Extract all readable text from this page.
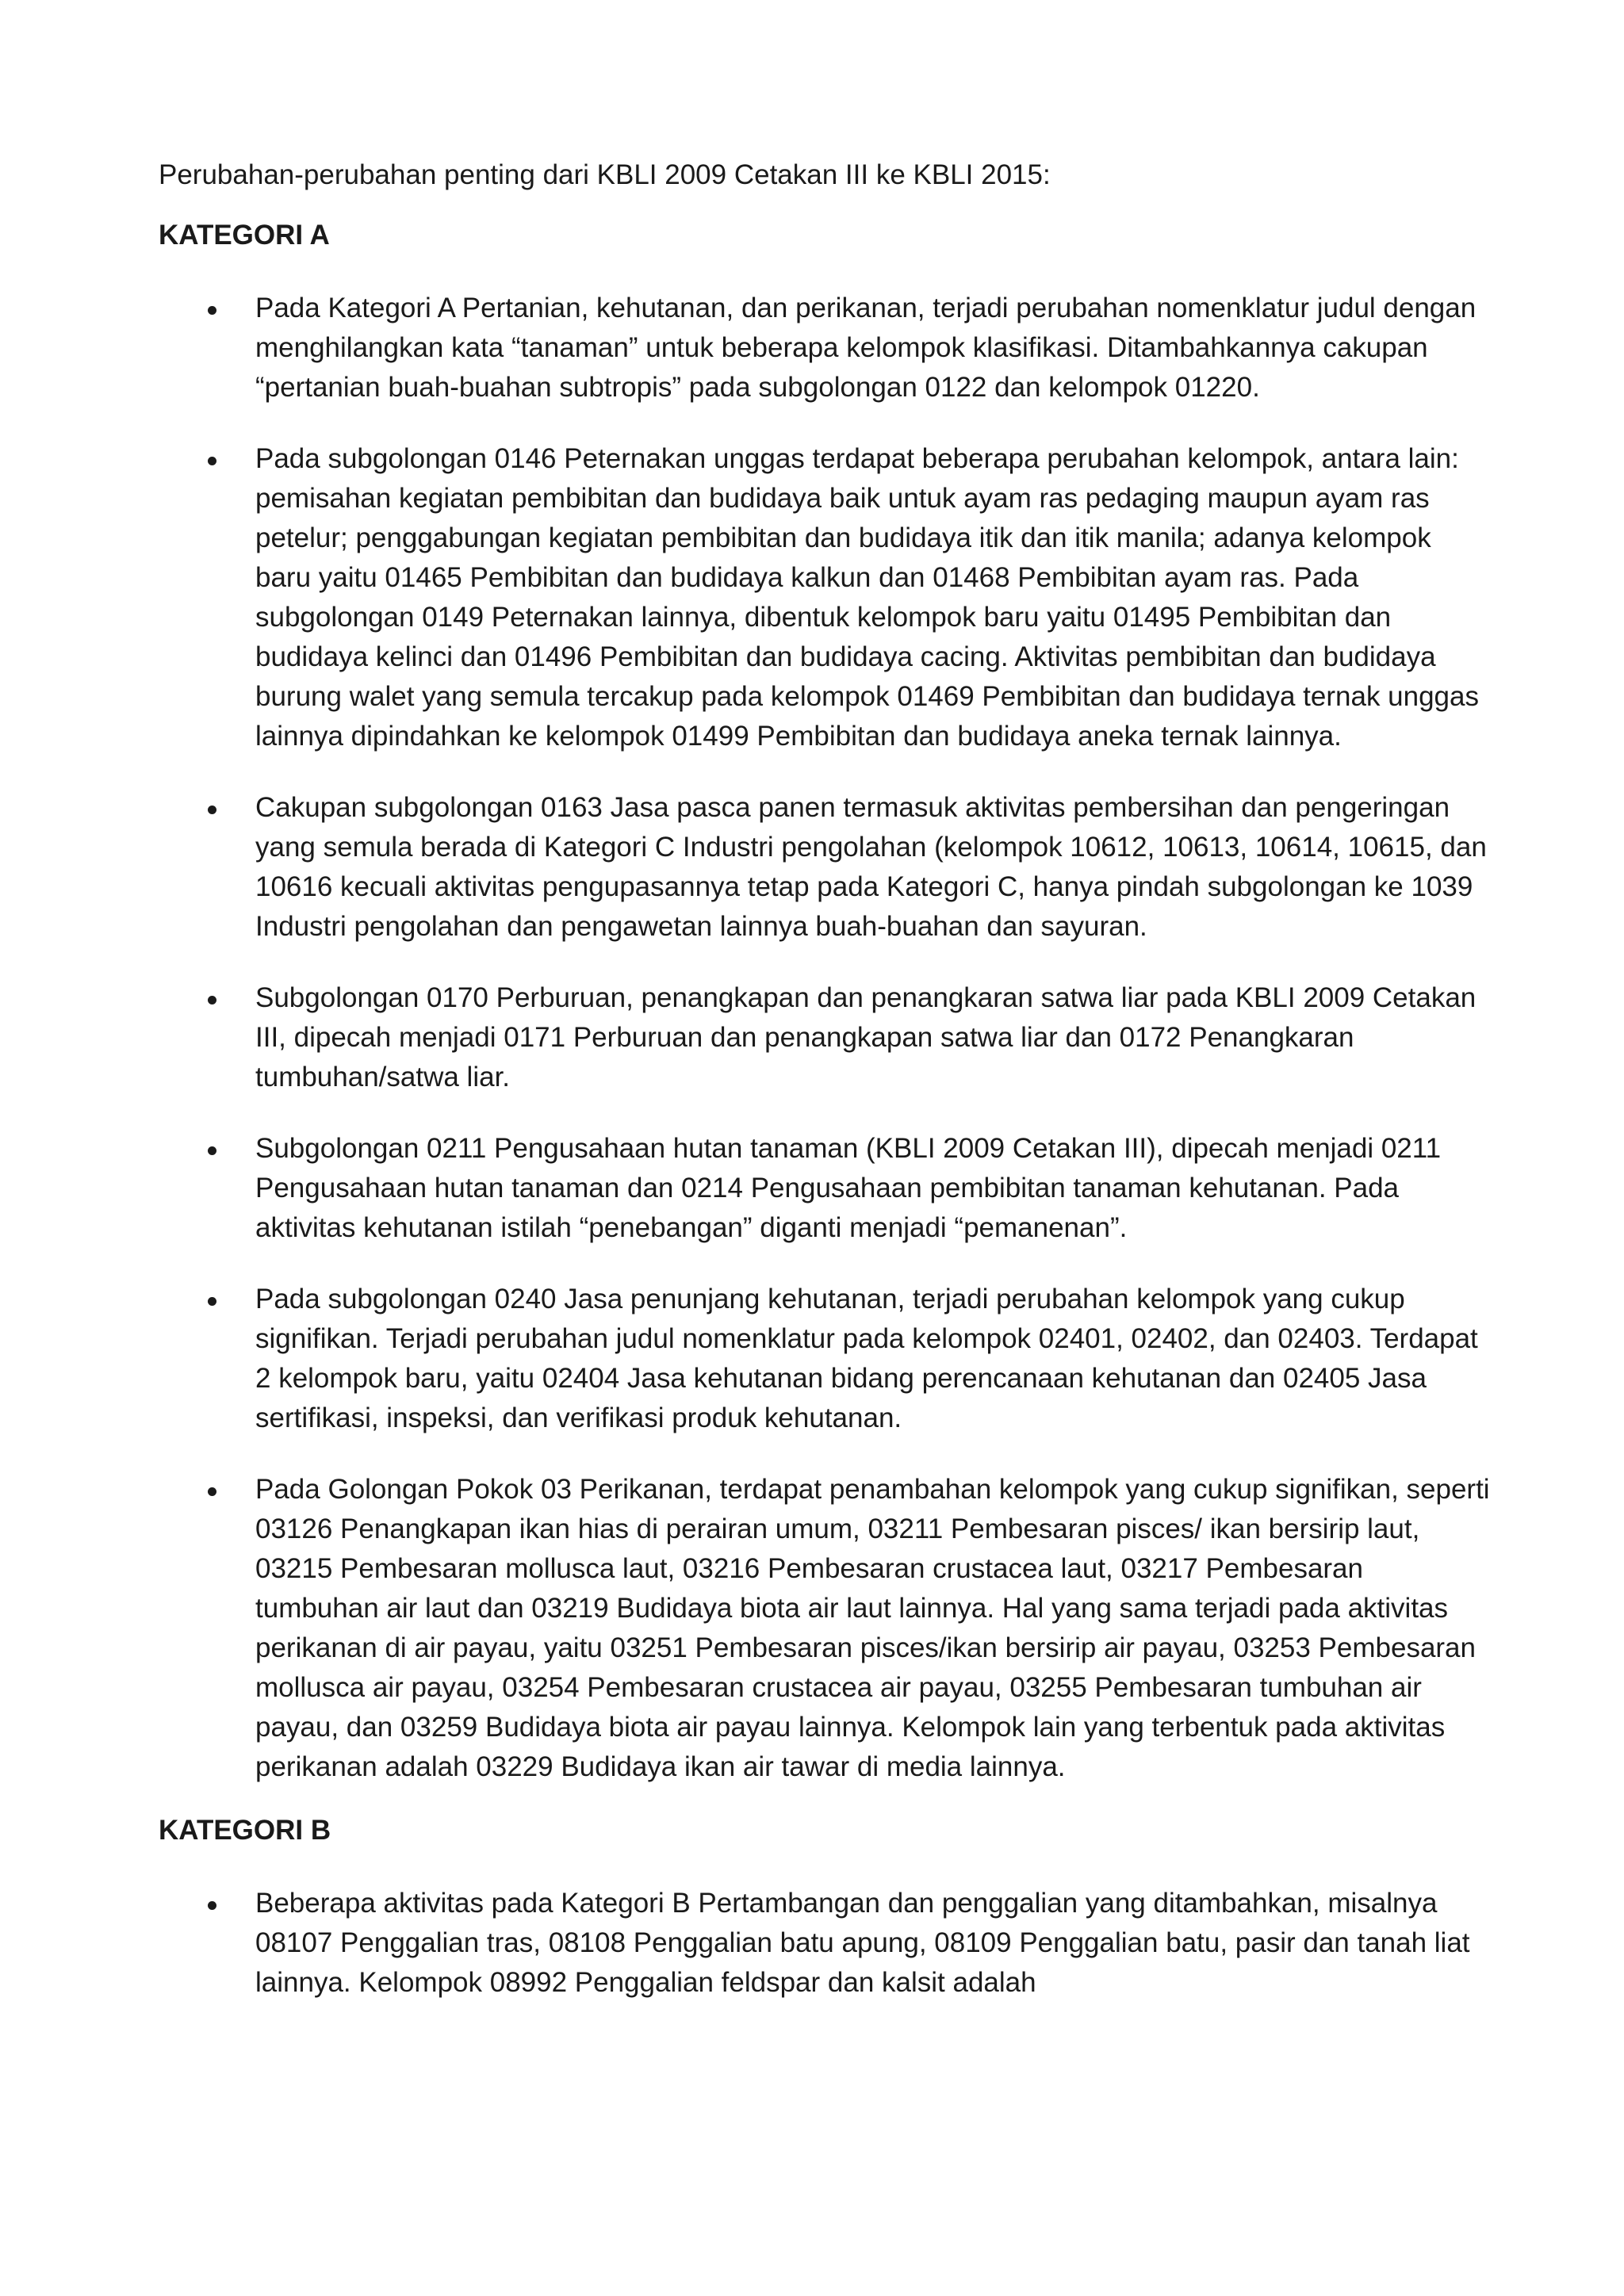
Perubahan-perubahan penting dari KBLI 2009 Cetakan III ke KBLI 2015:

KATEGORI A
Pada Kategori A Pertanian, kehutanan, dan perikanan, terjadi perubahan nomenklatur judul dengan menghilangkan kata “tanaman” untuk beberapa kelompok klasifikasi. Ditambahkannya cakupan “pertanian buah-buahan subtropis” pada subgolongan 0122 dan kelompok 01220.
Pada subgolongan 0146 Peternakan unggas terdapat beberapa perubahan kelompok, antara lain: pemisahan kegiatan pembibitan dan budidaya baik untuk ayam ras pedaging maupun ayam ras petelur; penggabungan kegiatan pembibitan dan budidaya itik dan itik manila; adanya kelompok baru yaitu 01465 Pembibitan dan budidaya kalkun dan 01468 Pembibitan ayam ras. Pada subgolongan 0149 Peternakan lainnya, dibentuk kelompok baru yaitu 01495 Pembibitan dan budidaya kelinci dan 01496 Pembibitan dan budidaya cacing. Aktivitas pembibitan dan budidaya burung walet yang semula tercakup pada kelompok 01469 Pembibitan dan budidaya ternak unggas lainnya dipindahkan ke kelompok 01499 Pembibitan dan budidaya aneka ternak lainnya.
Cakupan subgolongan 0163 Jasa pasca panen termasuk aktivitas pembersihan dan pengeringan yang semula berada di Kategori C Industri pengolahan (kelompok 10612, 10613, 10614, 10615, dan 10616 kecuali aktivitas pengupasannya tetap pada Kategori C, hanya pindah subgolongan ke 1039 Industri pengolahan dan pengawetan lainnya buah-buahan dan sayuran.
Subgolongan 0170 Perburuan, penangkapan dan penangkaran satwa liar pada KBLI 2009 Cetakan III, dipecah menjadi 0171 Perburuan dan penangkapan satwa liar dan 0172 Penangkaran tumbuhan/satwa liar.
Subgolongan 0211 Pengusahaan hutan tanaman (KBLI 2009 Cetakan III), dipecah menjadi 0211 Pengusahaan hutan tanaman dan 0214 Pengusahaan pembibitan tanaman kehutanan. Pada aktivitas kehutanan istilah “penebangan” diganti menjadi “pemanenan”.
Pada subgolongan 0240 Jasa penunjang kehutanan, terjadi perubahan kelompok yang cukup signifikan. Terjadi perubahan judul nomenklatur pada kelompok 02401, 02402, dan 02403. Terdapat 2 kelompok baru, yaitu 02404 Jasa kehutanan bidang perencanaan kehutanan dan 02405 Jasa sertifikasi, inspeksi, dan verifikasi produk kehutanan.
Pada Golongan Pokok 03 Perikanan, terdapat penambahan kelompok yang cukup signifikan, seperti 03126 Penangkapan ikan hias di perairan umum, 03211 Pembesaran pisces/ ikan bersirip laut, 03215 Pembesaran mollusca laut, 03216 Pembesaran crustacea laut, 03217 Pembesaran tumbuhan air laut dan 03219 Budidaya biota air laut lainnya. Hal yang sama terjadi pada aktivitas perikanan di air payau, yaitu 03251 Pembesaran pisces/ikan bersirip air payau, 03253 Pembesaran mollusca air payau, 03254 Pembesaran crustacea air payau, 03255 Pembesaran tumbuhan air payau, dan 03259 Budidaya biota air payau lainnya. Kelompok lain yang terbentuk pada aktivitas perikanan adalah 03229 Budidaya ikan air tawar di media lainnya.
KATEGORI B
Beberapa aktivitas pada Kategori B Pertambangan dan penggalian yang ditambahkan, misalnya 08107 Penggalian tras, 08108 Penggalian batu apung, 08109 Penggalian batu, pasir dan tanah liat lainnya. Kelompok 08992 Penggalian feldspar dan kalsit adalah
